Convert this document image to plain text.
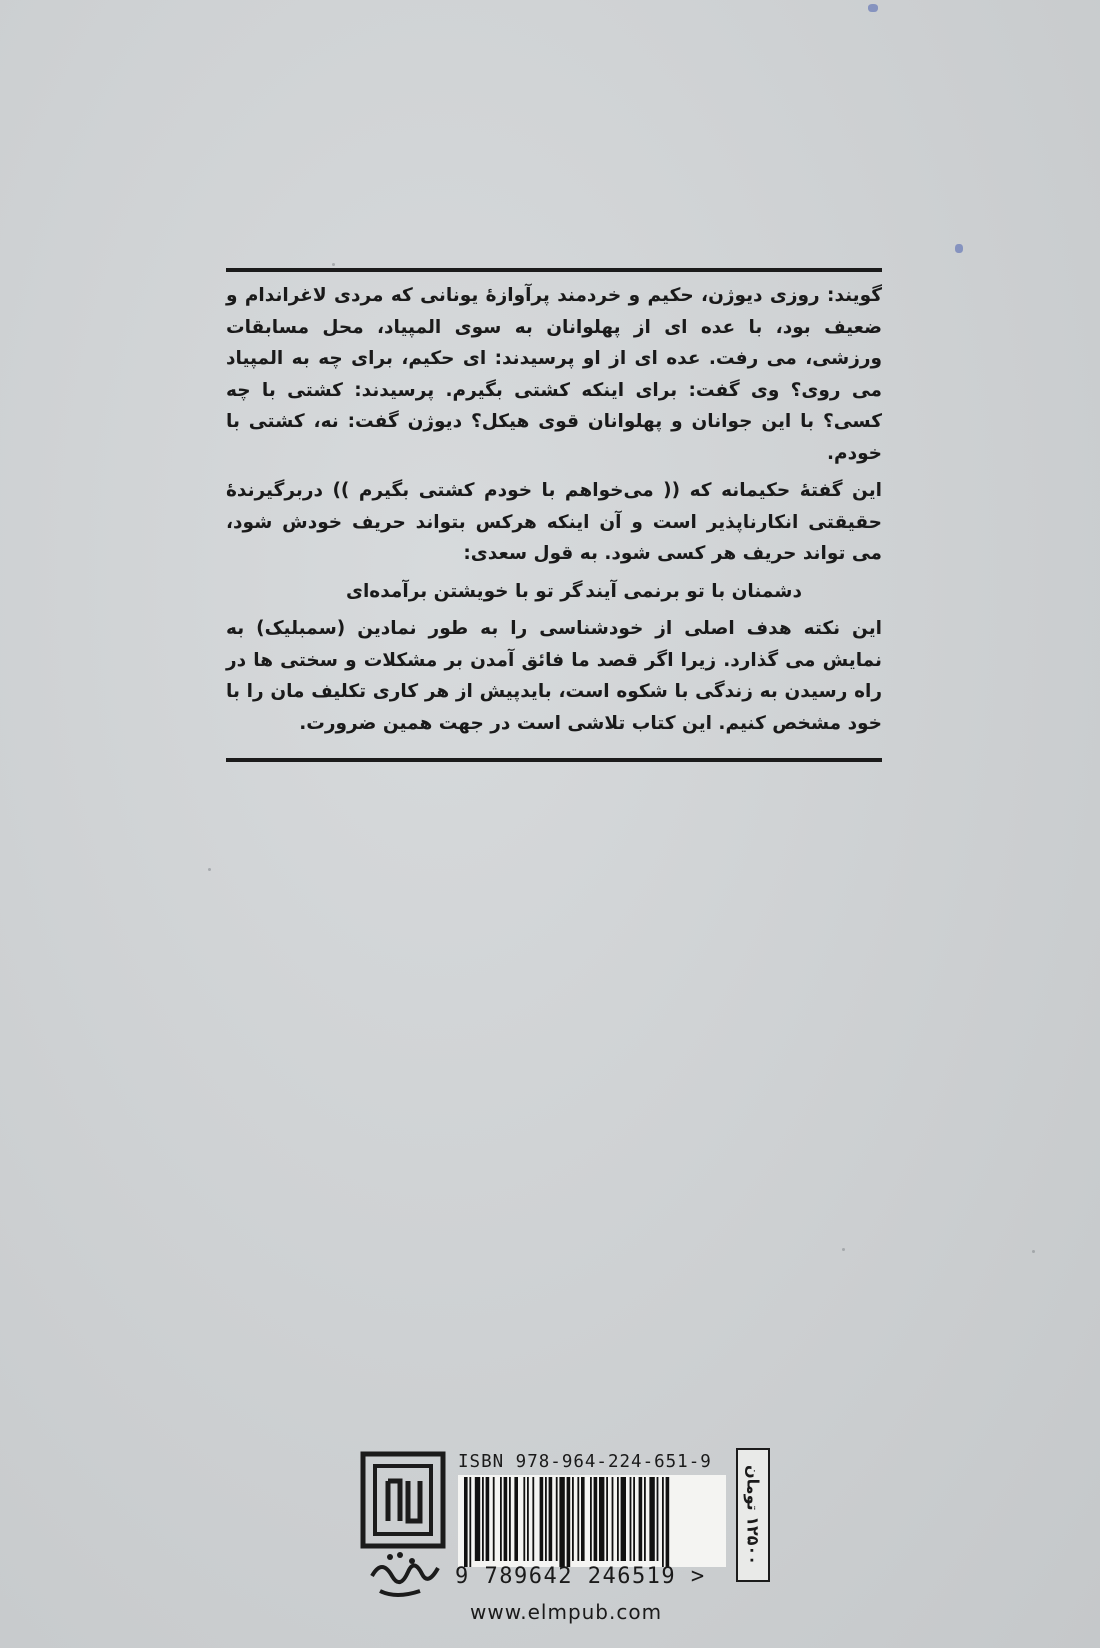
گویند: روزی دیوژن، حکیم و خردمند پرآوازهٔ یونانی که مردی لاغراندام و ضعیف بود، با عده ای از پهلوانان به سوی المپیاد، محل مسابقات ورزشی، می رفت. عده ای از او پرسیدند: ای حکیم، برای چه به المپیاد می روی؟ وی گفت: برای اینکه کشتی بگیرم. پرسیدند: کشتی با چه کسی؟ با این جوانان و پهلوانان قوی هیکل؟ دیوژن گفت: نه، کشتی با خودم.

این گفتهٔ حکیمانه که (( می‌خواهم با خودم کشتی بگیرم )) دربرگیرندهٔ حقیقتی انکارناپذیر است و آن اینکه هرکس بتواند حریف خودش شود، می تواند حریف هر کسی شود. به قول سعدی:

دشمنان با تو برنمی آیند
گر تو با خویشتن برآمده‌ای

این نکته هدف اصلی از خودشناسی را به طور نمادین (سمبلیک) به نمایش می گذارد. زیرا اگر قصد ما فائق آمدن بر مشکلات و سختی ها در راه رسیدن به زندگی با شکوه است، بایدپیش از هر کاری تکلیف مان را با خود مشخص کنیم. این کتاب تلاشی است در جهت همین ضرورت.

ISBN 978-964-224-651-9
9 789642 246519 >
۱۲۵۰۰ تومان
www.elmpub.com
